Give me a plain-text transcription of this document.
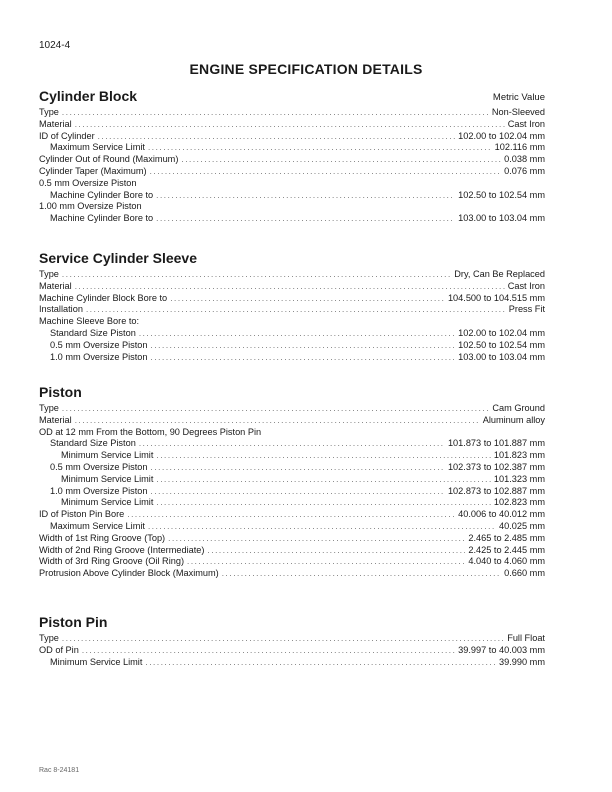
1024-4
ENGINE SPECIFICATION DETAILS
Cylinder Block	Metric Value
Type .....	Non-Sleeved
Material .....	Cast Iron
ID of Cylinder .....	102.00 to 102.04 mm
Maximum Service Limit .....	102.116 mm
Cylinder Out of Round (Maximum) .....	0.038 mm
Cylinder Taper (Maximum) .....	0.076 mm
0.5 mm Oversize Piston
Machine Cylinder Bore to .....	102.50 to 102.54 mm
1.00 mm Oversize Piston
Machine Cylinder Bore to .....	103.00 to 103.04 mm
Service Cylinder Sleeve
Type .....	Dry, Can Be Replaced
Material .....	Cast Iron
Machine Cylinder Block Bore to .....	104.500 to 104.515 mm
Installation .....	Press Fit
Machine Sleeve Bore to:
Standard Size Piston .....	102.00 to 102.04 mm
0.5 mm Oversize Piston .....	102.50 to 102.54 mm
1.0 mm Oversize Piston .....	103.00 to 103.04 mm
Piston
Type .....	Cam Ground
Material .....	Aluminum alloy
OD at 12 mm From the Bottom, 90 Degrees Piston Pin
Standard Size Piston .....	101.873 to 101.887 mm
Minimum Service Limit .....	101.823 mm
0.5 mm Oversize Piston .....	102.373 to 102.387 mm
Minimum Service Limit .....	101.323 mm
1.0 mm Oversize Piston .....	102.873 to 102.887 mm
Minimum Service Limit .....	102.823 mm
ID of Piston Pin Bore .....	40.006 to 40.012 mm
Maximum Service Limit .....	40.025 mm
Width of 1st Ring Groove (Top) .....	2.465 to 2.485 mm
Width of 2nd Ring Groove (Intermediate) .....	2.425 to 2.445 mm
Width of 3rd Ring Groove (Oil Ring) .....	4.040 to 4.060 mm
Protrusion Above Cylinder Block (Maximum) .....	0.660 mm
Piston Pin
Type .....	Full Float
OD of Pin .....	39.997 to 40.003 mm
Minimum Service Limit .....	39.990 mm
Rac 8-24181
